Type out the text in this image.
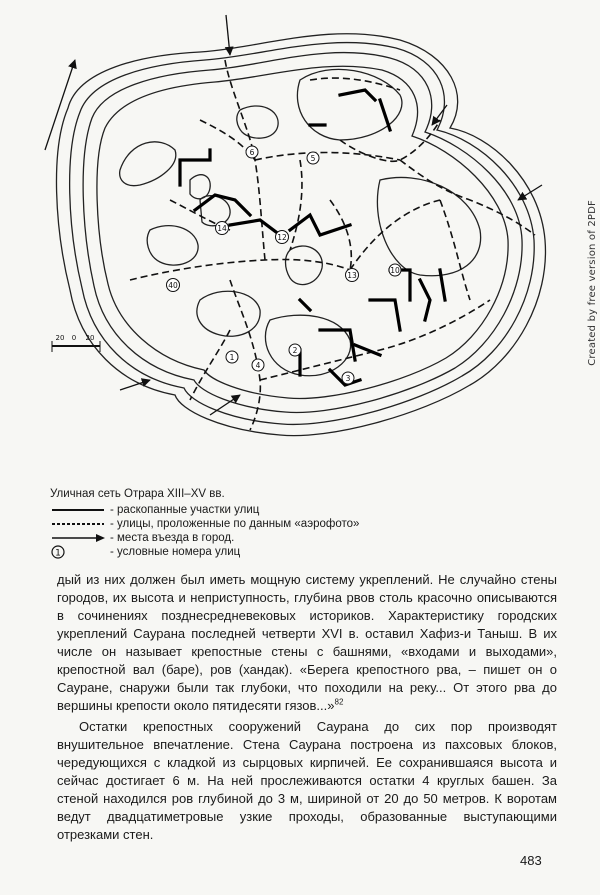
6
5
14
12
13
40
2
1
4
3
10
20 0 20	Created by free version of 2PDF
Уличная сеть Отрара XIII–XV вв.
- раскопанные участки улиц
- улицы, проложенные по данным «аэрофото»
- места въезда в город.
1	- условные номера улиц

дый из них должен был иметь мощную систему укреплений. Не случайно стены городов, их высота и неприступность, глубина рвов столь красочно описываются в сочинениях позднесредневековых историков. Характеристику городских укреплений Саурана последней четверти XVI в. оставил Хафиз-и Таныш. В их числе он называет крепостные стены с башнями, «входами и выходами», крепостной вал (баре), ров (хандак). «Берега крепостного рва, – пишет он о Сауране, снаружи были так глубоки, что походили на реку... От этого рва до вершины крепости около пятидесяти гязов...»$^{82}$

Остатки крепостных сооружений Саурана до сих пор производят внушительное впечатление. Стена Саурана построена из пахсовых блоков, чередующихся с кладкой из сырцовых кирпичей. Ее сохранившаяся высота и сейчас достигает 6 м. На ней прослеживаются остатки 4 круглых башен. За стеной находился ров глубиной до 3 м, шириной от 20 до 50 метров. К воротам ведут двадцатиметровые узкие проходы, образованные выступающими отрезками стен.

483
